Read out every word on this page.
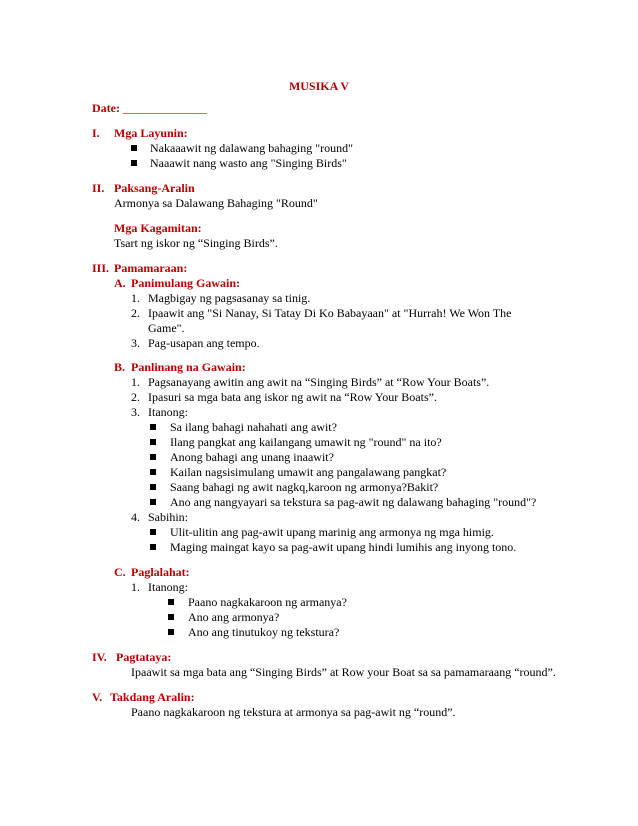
MUSIKA V
Date: ______________
I. Mga Layunin:
Nakaaawit ng dalawang bahaging "round"
Naaawit nang wasto ang "Singing Birds"
II. Paksang-Aralin
Armonya sa Dalawang Bahaging "Round"
Mga Kagamitan:
Tsart ng iskor ng “Singing Birds”.
III. Pamamaraan:
A. Panimulang Gawain:
1. Magbigay ng pagsasanay sa tinig.
2. Ipaawit ang "Si Nanay, Si Tatay Di Ko Babayaan" at "Hurrah! We Won The
Game".
3. Pag-usapan ang tempo.
B. Panlinang na Gawain:
1. Pagsanayang awitin ang awit na “Singing Birds” at “Row Your Boats”.
2. Ipasuri sa mga bata ang iskor ng awit na “Row Your Boats”.
3. Itanong:
Sa ilang bahagi nahahati ang awit?
Ilang pangkat ang kailangang umawit ng "round" na ito?
Anong bahagi ang unang inaawit?
Kailan nagsisimulang umawit ang pangalawang pangkat?
Saang bahagi ng awit nagkq,karoon ng armonya?Bakit?
Ano ang nangyayari sa tekstura sa pag-awit ng dalawang bahaging "round"?
4. Sabihin:
Ulit-ulitin ang pag-awit upang marinig ang armonya ng mga himig.
Maging maingat kayo sa pag-awit upang hindi lumihis ang inyong tono.
C. Paglalahat:
1. Itanong:
Paano nagkakaroon ng armanya?
Ano ang armonya?
Ano ang tinutukoy ng tekstura?
IV. Pagtataya:
Ipaawit sa mga bata ang “Singing Birds” at Row your Boat sa sa pamamaraang “round”.
V. Takdang Aralin:
Paano nagkakaroon ng tekstura at armonya sa pag-awit ng “round”.
